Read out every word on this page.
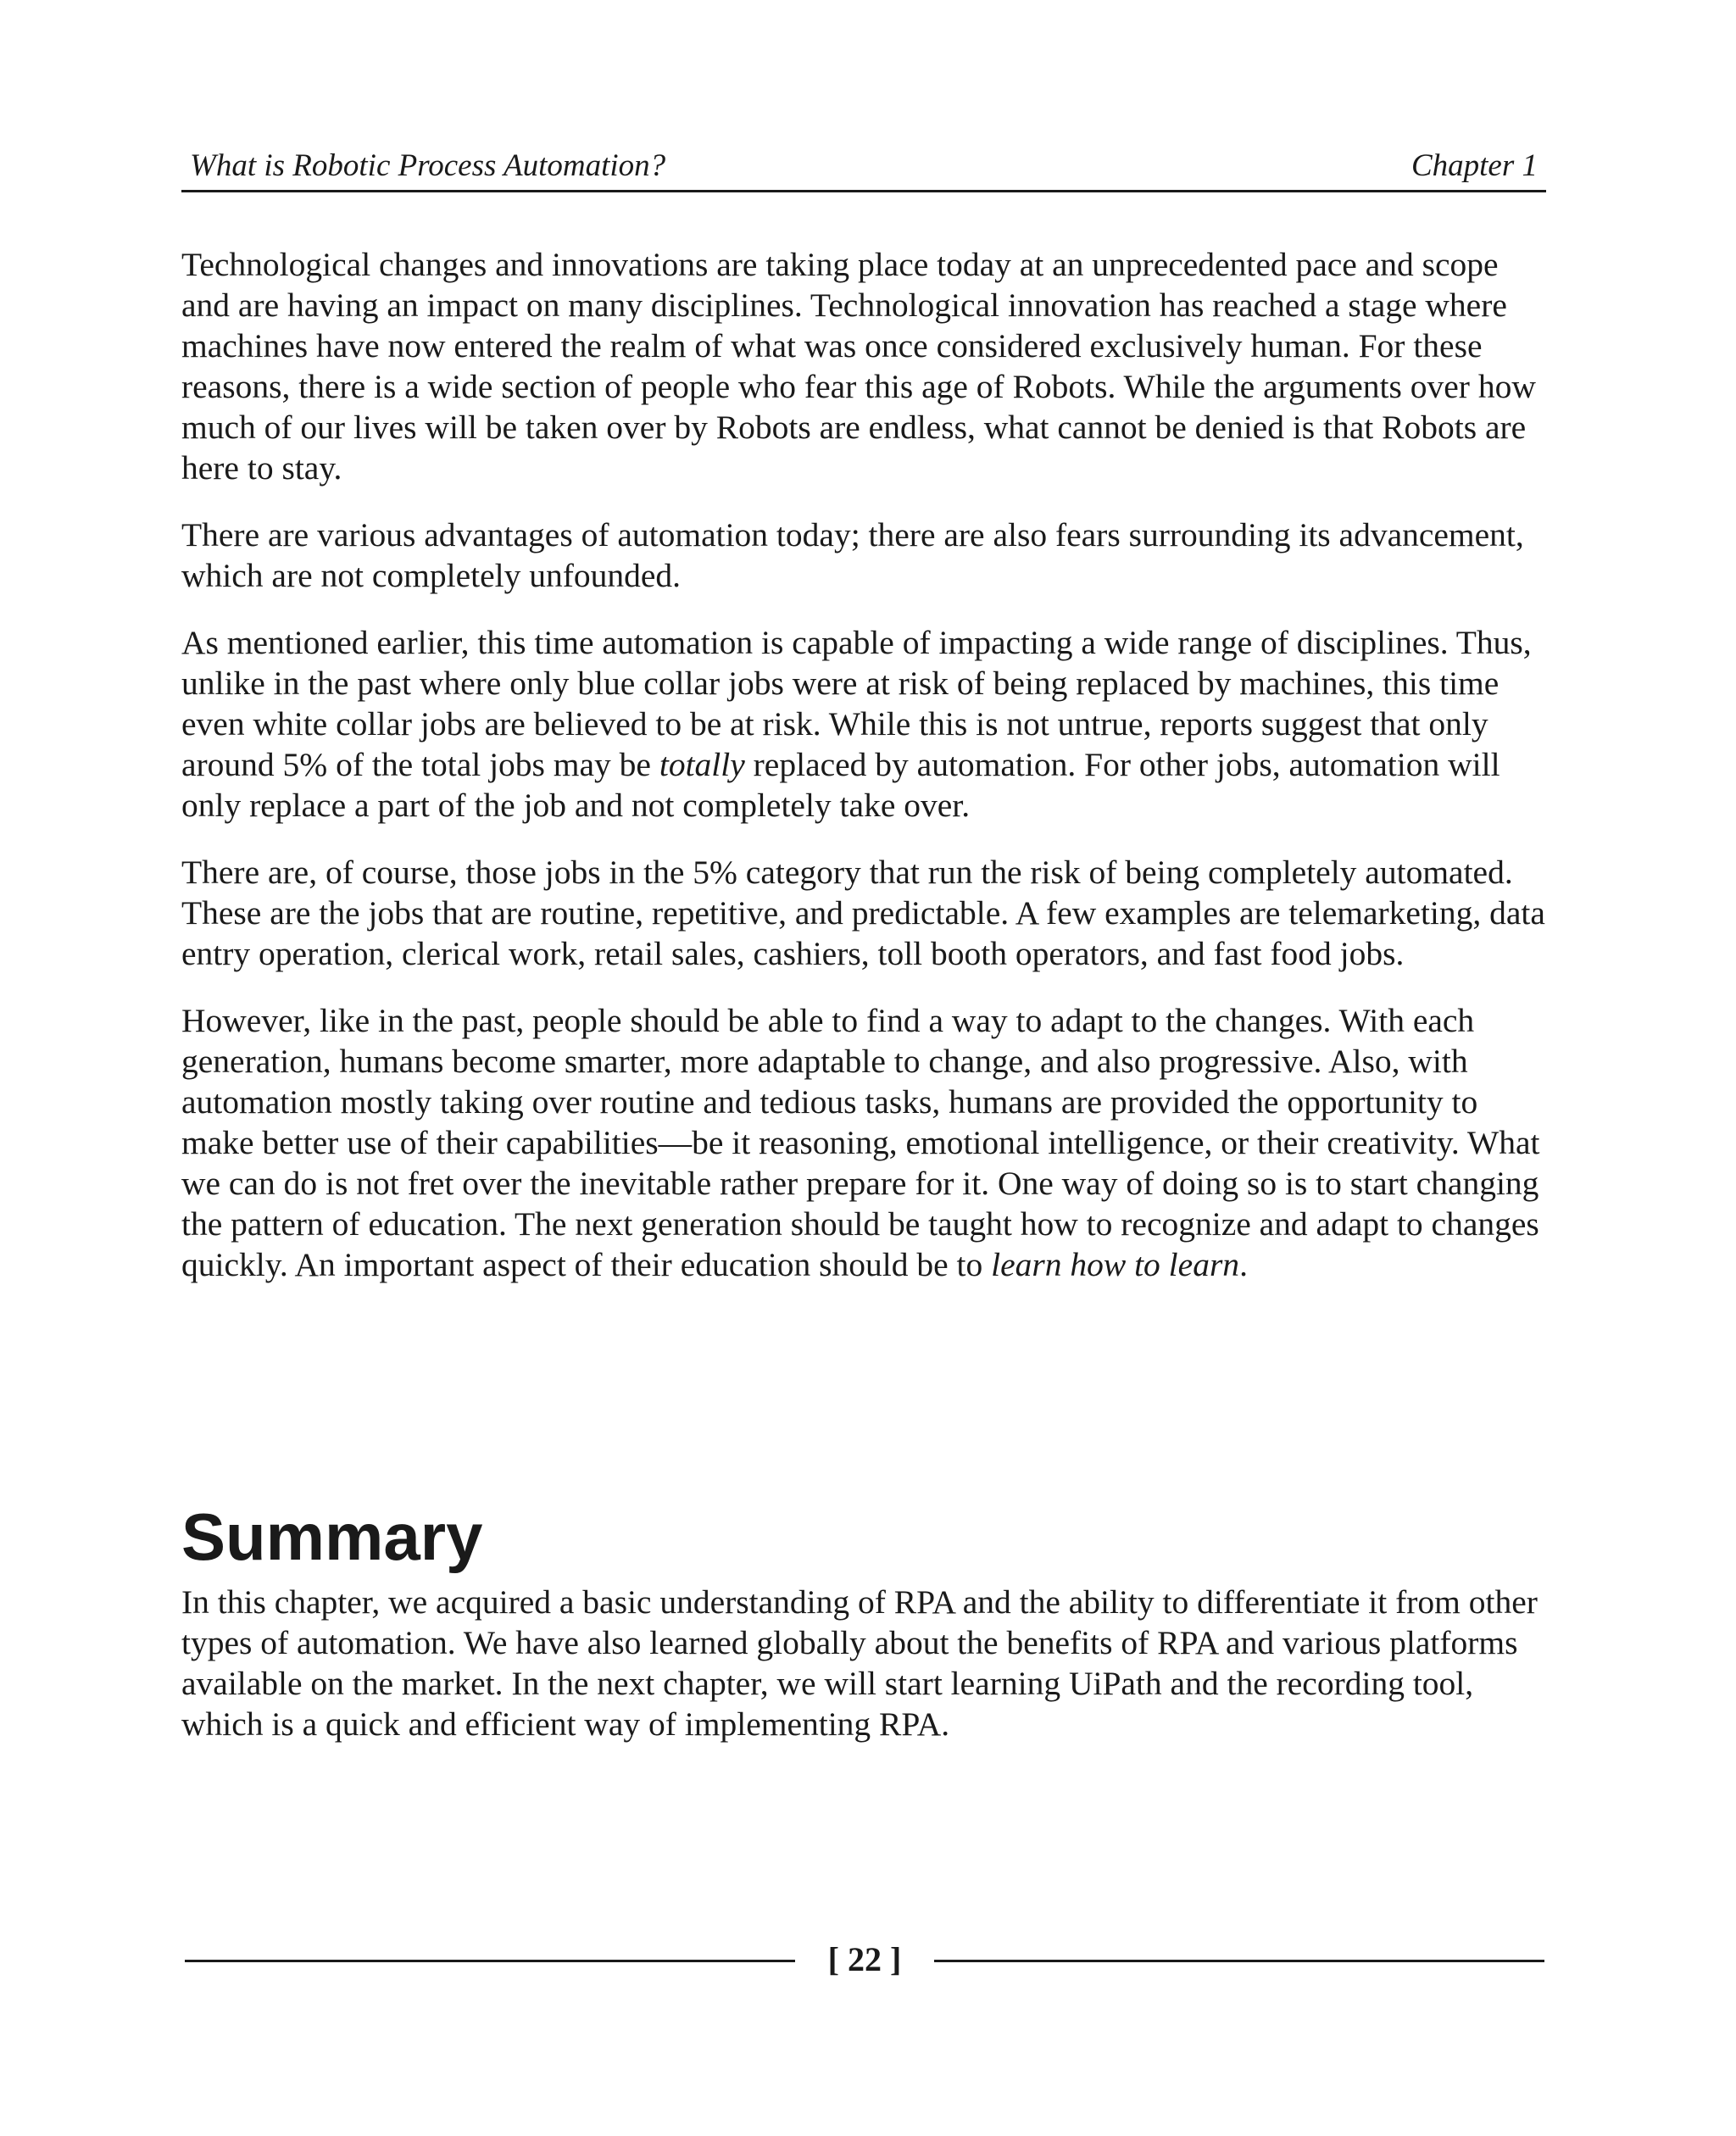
What is Robotic Process Automation?	Chapter 1

Technological changes and innovations are taking place today at an unprecedented pace and scope and are having an impact on many disciplines. Technological innovation has reached a stage where machines have now entered the realm of what was once considered exclusively human. For these reasons, there is a wide section of people who fear this age of Robots. While the arguments over how much of our lives will be taken over by Robots are endless, what cannot be denied is that Robots are here to stay.

There are various advantages of automation today; there are also fears surrounding its advancement, which are not completely unfounded.

As mentioned earlier, this time automation is capable of impacting a wide range of disciplines. Thus, unlike in the past where only blue collar jobs were at risk of being replaced by machines, this time even white collar jobs are believed to be at risk. While this is not untrue, reports suggest that only around 5% of the total jobs may be totally replaced by automation. For other jobs, automation will only replace a part of the job and not completely take over.

There are, of course, those jobs in the 5% category that run the risk of being completely automated. These are the jobs that are routine, repetitive, and predictable. A few examples are telemarketing, data entry operation, clerical work, retail sales, cashiers, toll booth operators, and fast food jobs.

However, like in the past, people should be able to find a way to adapt to the changes. With each generation, humans become smarter, more adaptable to change, and also progressive. Also, with automation mostly taking over routine and tedious tasks, humans are provided the opportunity to make better use of their capabilities—be it reasoning, emotional intelligence, or their creativity. What we can do is not fret over the inevitable rather prepare for it. One way of doing so is to start changing the pattern of education. The next generation should be taught how to recognize and adapt to changes quickly. An important aspect of their education should be to learn how to learn.

Summary

In this chapter, we acquired a basic understanding of RPA and the ability to differentiate it from other types of automation. We have also learned globally about the benefits of RPA and various platforms available on the market. In the next chapter, we will start learning UiPath and the recording tool, which is a quick and efficient way of implementing RPA.

[ 22 ]
